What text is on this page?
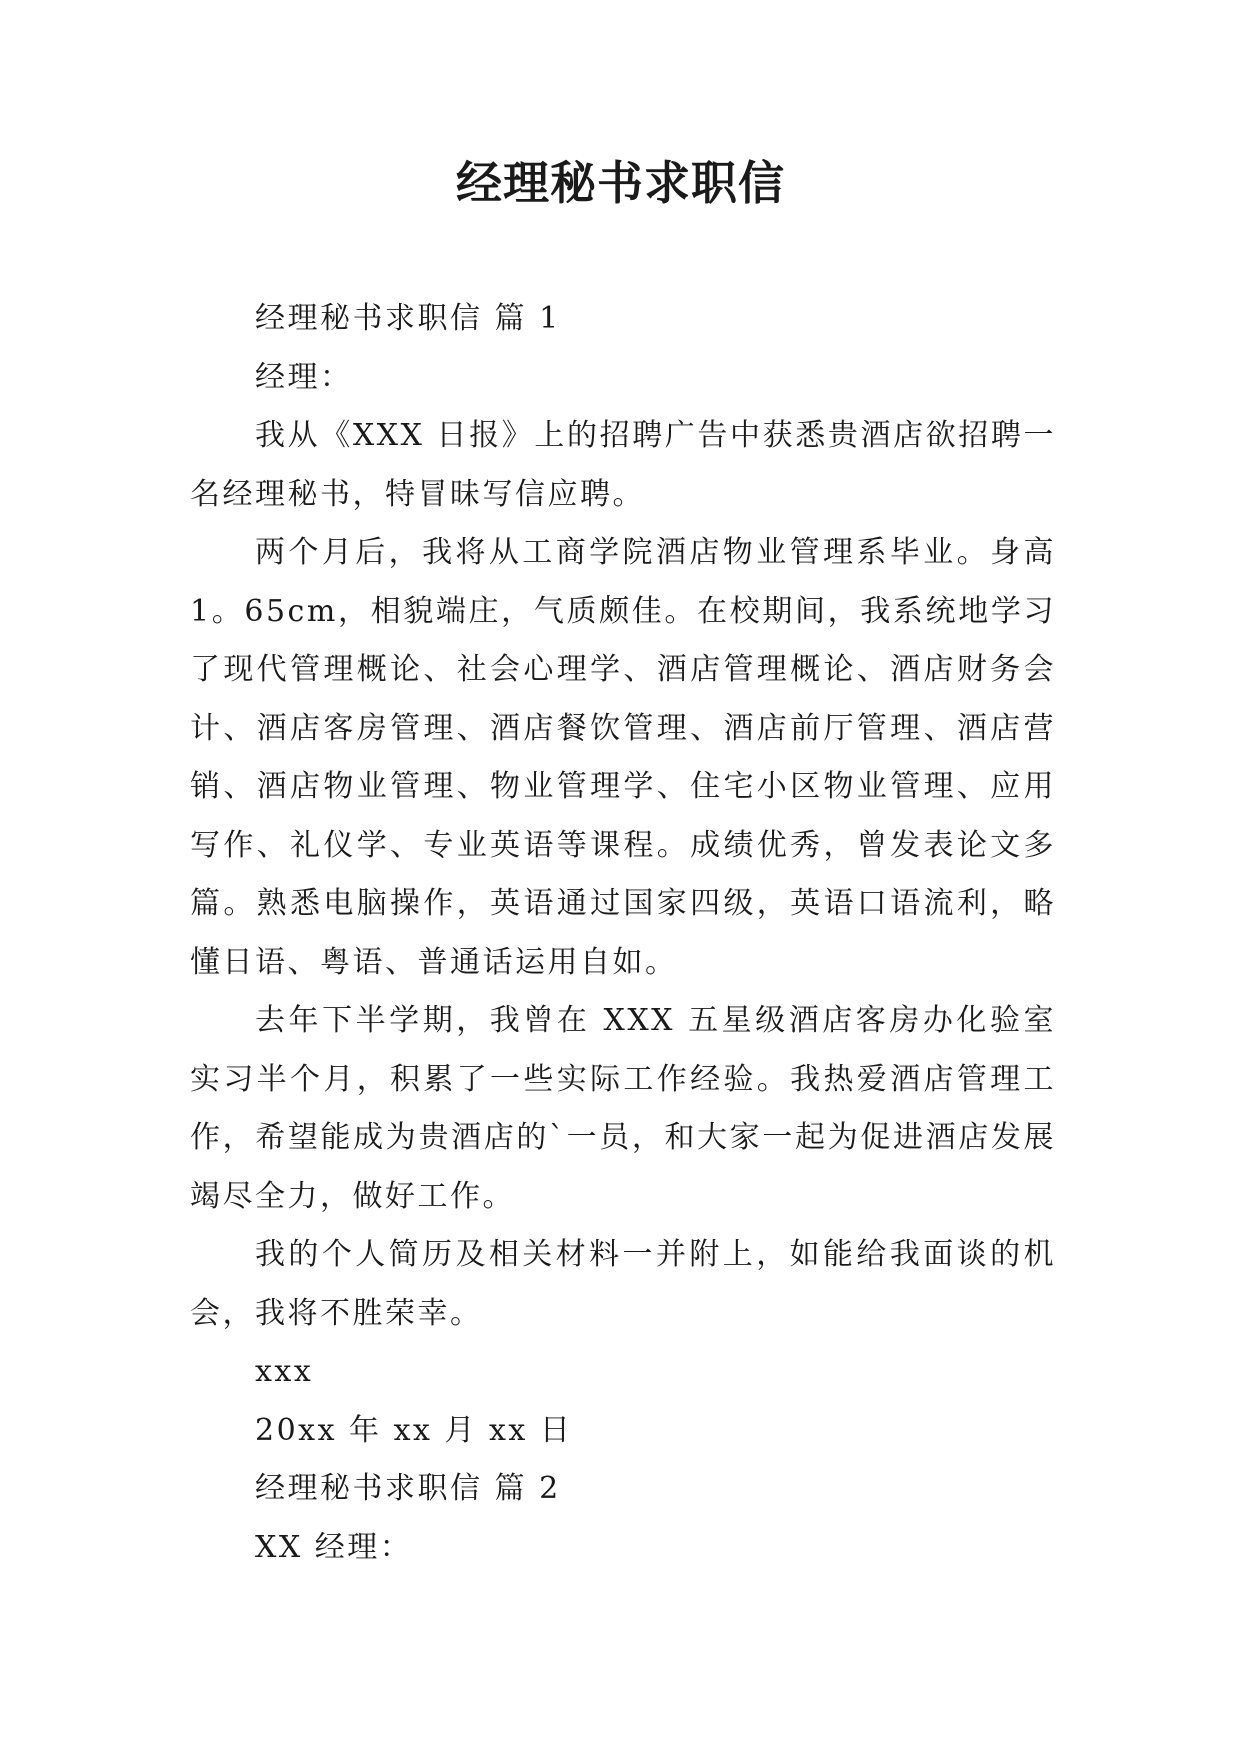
经理秘书求职信

经理秘书求职信 篇 1

经理：

我从《XXX 日报》上的招聘广告中获悉贵酒店欲招聘一名经理秘书，特冒昧写信应聘。

两个月后，我将从工商学院酒店物业管理系毕业。身高 1。65cm，相貌端庄，气质颇佳。在校期间，我系统地学习了现代管理概论、社会心理学、酒店管理概论、酒店财务会计、酒店客房管理、酒店餐饮管理、酒店前厅管理、酒店营销、酒店物业管理、物业管理学、住宅小区物业管理、应用写作、礼仪学、专业英语等课程。成绩优秀，曾发表论文多篇。熟悉电脑操作，英语通过国家四级，英语口语流利，略懂日语、粤语、普通话运用自如。

去年下半学期，我曾在 XXX 五星级酒店客房办化验室实习半个月，积累了一些实际工作经验。我热爱酒店管理工作，希望能成为贵酒店的`一员，和大家一起为促进酒店发展竭尽全力，做好工作。

我的个人简历及相关材料一并附上，如能给我面谈的机会，我将不胜荣幸。

xxx

20xx 年 xx 月 xx 日

经理秘书求职信 篇 2

XX 经理：
